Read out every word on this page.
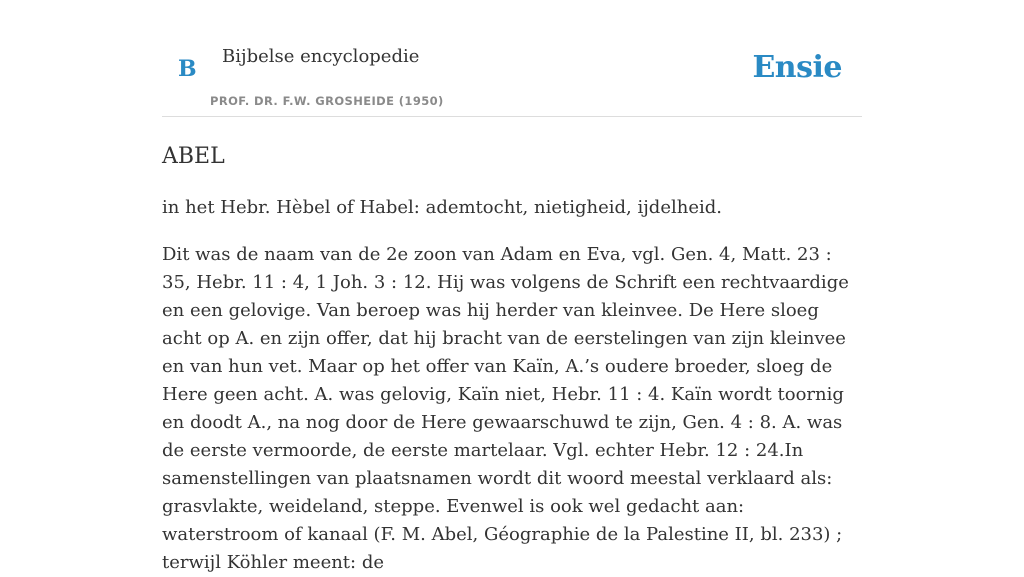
B Bijbelse encyclopedie
PROF. DR. F.W. GROSHEIDE (1950)
Ensie
ABEL

in het Hebr. Hèbel of Habel: ademtocht, nietigheid, ijdelheid.

Dit was de naam van de 2e zoon van Adam en Eva, vgl. Gen. 4, Matt. 23 : 35, Hebr. 11 : 4, 1 Joh. 3 : 12. Hij was volgens de Schrift een rechtvaardige en een gelovige. Van beroep was hij herder van kleinvee. De Here sloeg acht op A. en zijn offer, dat hij bracht van de eerstelingen van zijn kleinvee en van hun vet. Maar op het offer van Kaïn, A.’s oudere broeder, sloeg de Here geen acht. A. was gelovig, Kaïn niet, Hebr. 11 : 4. Kaïn wordt toornig en doodt A., na nog door de Here gewaarschuwd te zijn, Gen. 4 : 8. A. was de eerste vermoorde, de eerste martelaar. Vgl. echter Hebr. 12 : 24.In samenstellingen van plaatsnamen wordt dit woord meestal verklaard als: grasvlakte, weideland, steppe. Evenwel is ook wel gedacht aan: waterstroom of kanaal (F. M. Abel, Géographie de la Palestine II, bl. 233) ; terwijl Köhler meent: de
